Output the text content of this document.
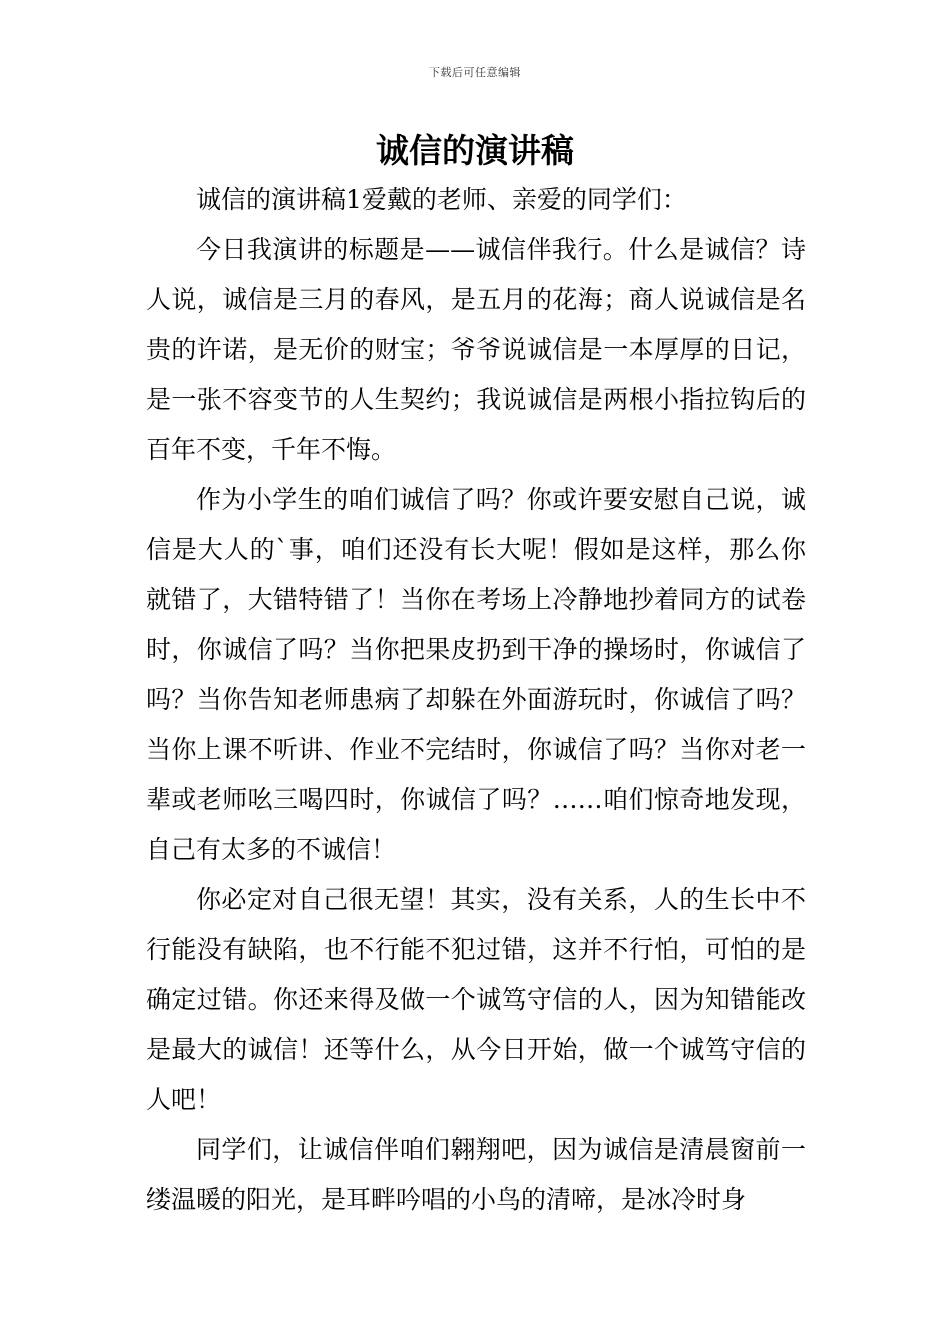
下载后可任意编辑
诚信的演讲稿

诚信的演讲稿1爱戴的老师、亲爱的同学们：

今日我演讲的标题是——诚信伴我行。什么是诚信？诗人说，诚信是三月的春风，是五月的花海；商人说诚信是名贵的许诺，是无价的财宝；爷爷说诚信是一本厚厚的日记，是一张不容变节的人生契约；我说诚信是两根小指拉钩后的百年不变，千年不悔。

作为小学生的咱们诚信了吗？你或许要安慰自己说，诚信是大人的`事，咱们还没有长大呢！假如是这样，那么你就错了，大错特错了！当你在考场上冷静地抄着同方的试卷时，你诚信了吗？当你把果皮扔到干净的操场时，你诚信了吗？当你告知老师患病了却躲在外面游玩时，你诚信了吗？当你上课不听讲、作业不完结时，你诚信了吗？当你对老一辈或老师吆三喝四时，你诚信了吗？……咱们惊奇地发现，自己有太多的不诚信！

你必定对自己很无望！其实，没有关系，人的生长中不行能没有缺陷，也不行能不犯过错，这并不行怕，可怕的是确定过错。你还来得及做一个诚笃守信的人，因为知错能改是最大的诚信！还等什么，从今日开始，做一个诚笃守信的人吧！

同学们，让诚信伴咱们翱翔吧，因为诚信是清晨窗前一缕温暖的阳光，是耳畔吟唱的小鸟的清啼，是冰冷时身
